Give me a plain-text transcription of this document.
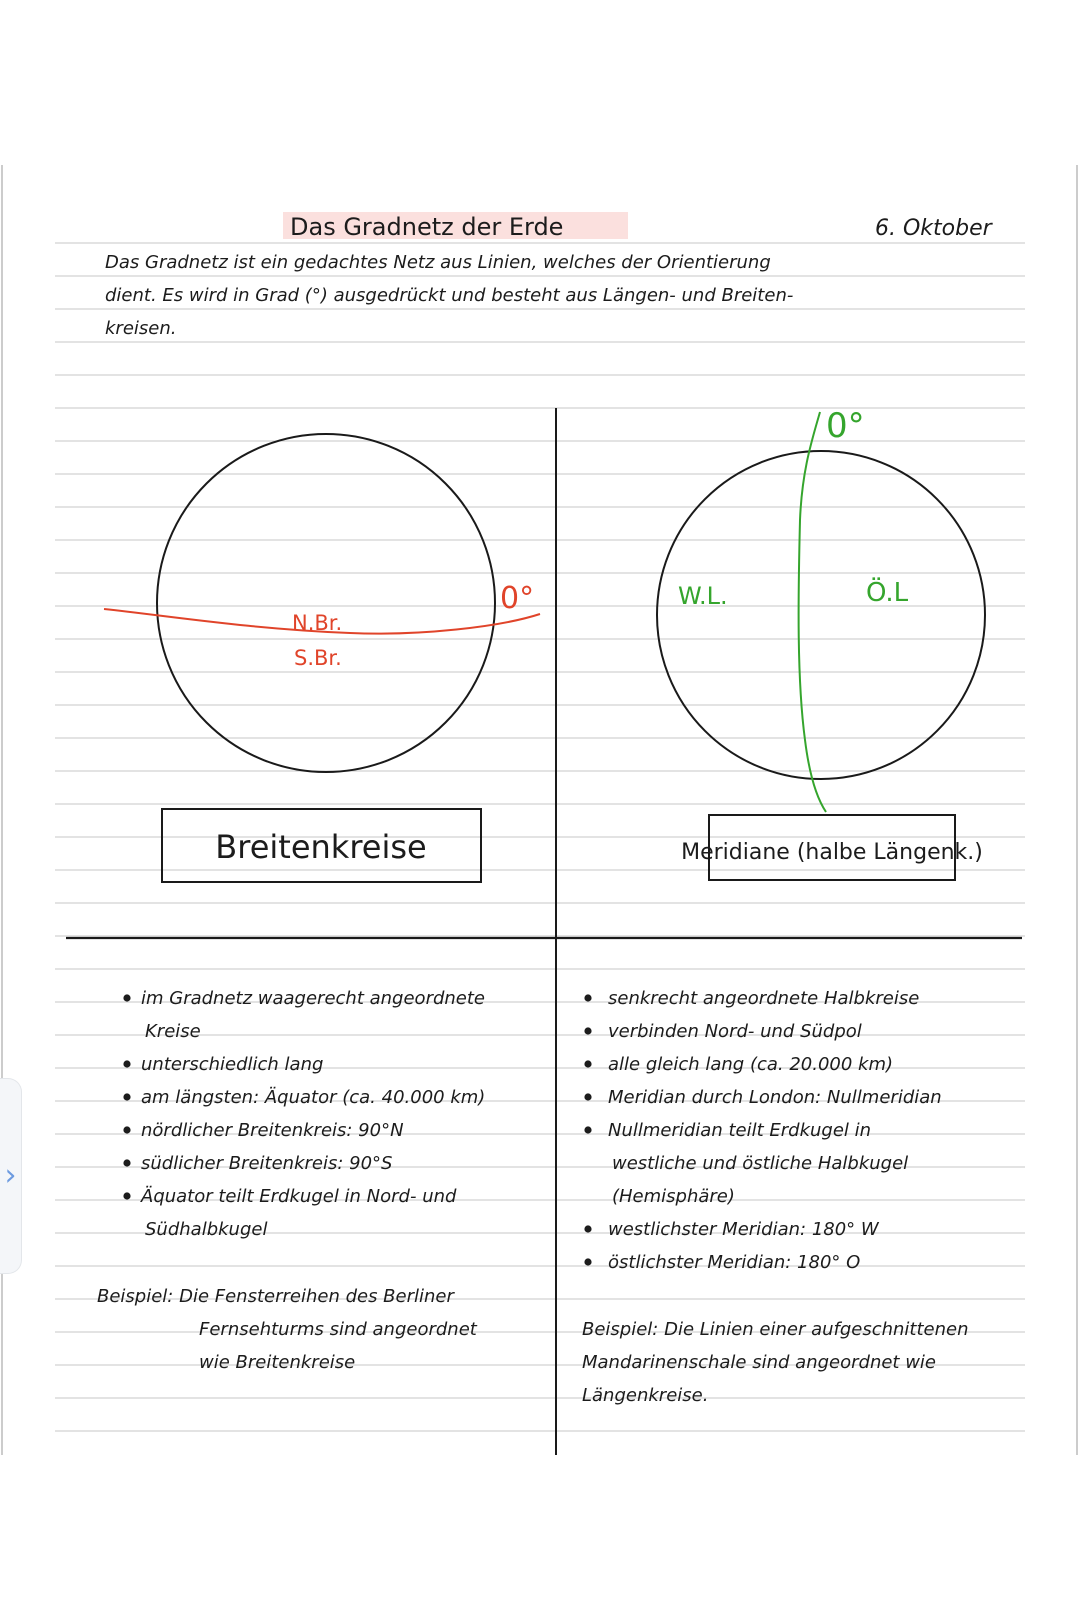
Das Gradnetz der Erde	6. Oktober
Das Gradnetz ist ein gedachtes Netz aus Linien, welches der Orientierung
dient. Es wird in Grad (°) ausgedrückt und besteht aus Längen- und Breiten-
kreisen.
0°
N.Br.
S.Br.
Breitenkreise
0°
W.L.	Ö.L
Meridiane (halbe Längenk.)
im Gradnetz waagerecht angeordnete
Kreise
unterschiedlich lang
am längsten: Äquator (ca. 40.000 km)
nördlicher Breitenkreis: 90°N
südlicher Breitenkreis: 90°S
Äquator teilt Erdkugel in Nord- und
Südhalbkugel
senkrecht angeordnete Halbkreise
verbinden Nord- und Südpol
alle gleich lang (ca. 20.000 km)
Meridian durch London: Nullmeridian
Nullmeridian teilt Erdkugel in
westliche und östliche Halbkugel
(Hemisphäre)
westlichster Meridian: 180° W
östlichster Meridian: 180° O
Beispiel: Die Fensterreihen des Berliner
Fernsehturms sind angeordnet
wie Breitenkreise
Beispiel: Die Linien einer aufgeschnittenen
Mandarinenschale sind angeordnet wie
Längenkreise.
›
